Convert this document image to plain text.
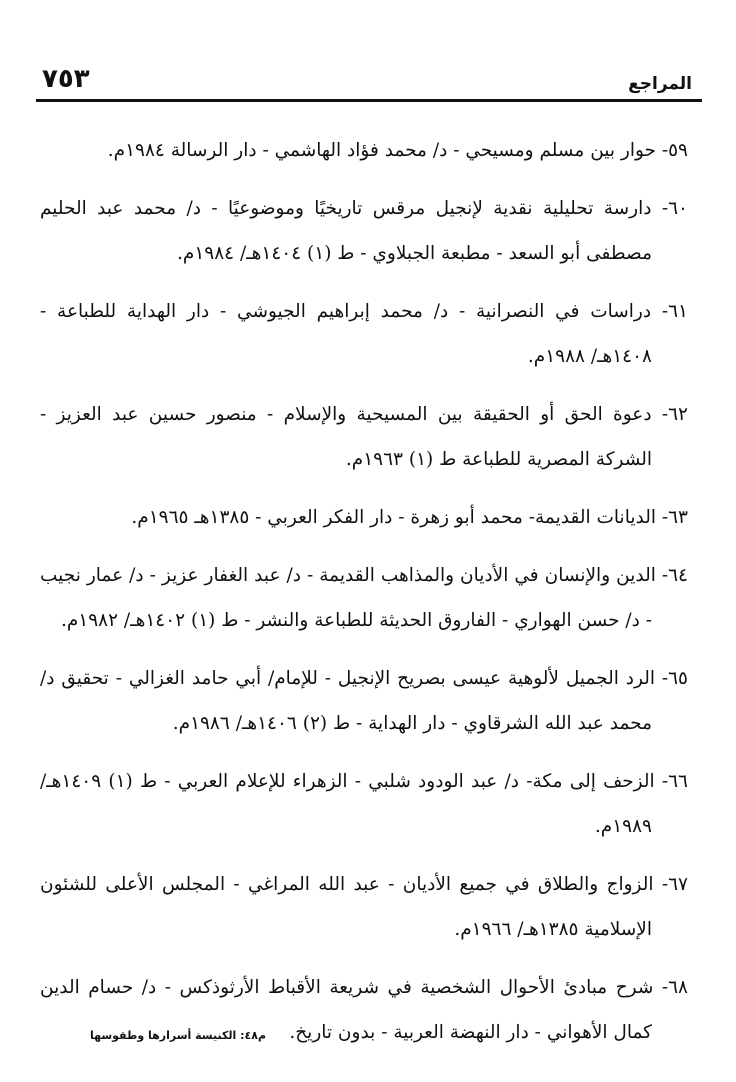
المراجع
٧٥٣

٥٩- حوار بين مسلم ومسيحي - د/ محمد فؤاد الهاشمي - دار الرسالة ١٩٨٤م.

٦٠- دارسة تحليلية نقدية لإنجيل مرقس تاريخيًا وموضوعيًا - د/ محمد عبد الحليم مصطفى أبو السعد - مطبعة الجبلاوي - ط (١) ١٤٠٤هـ/ ١٩٨٤م.

٦١- دراسات في النصرانية - د/ محمد إبراهيم الجيوشي - دار الهداية للطباعة - ١٤٠٨هـ/ ١٩٨٨م.

٦٢- دعوة الحق أو الحقيقة بين المسيحية والإسلام - منصور حسين عبد العزيز - الشركة المصرية للطباعة ط (١) ١٩٦٣م.

٦٣- الديانات القديمة- محمد أبو زهرة - دار الفكر العربي - ١٣٨٥هـ ١٩٦٥م.

٦٤- الدين والإنسان في الأديان والمذاهب القديمة - د/ عبد الغفار عزيز - د/ عمار نجيب - د/ حسن الهواري - الفاروق الحديثة للطباعة والنشر - ط (١) ١٤٠٢هـ/ ١٩٨٢م.

٦٥- الرد الجميل لألوهية عيسى بصريح الإنجيل - للإمام/ أبي حامد الغزالي - تحقيق د/ محمد عبد الله الشرقاوي - دار الهداية - ط (٢) ١٤٠٦هـ/ ١٩٨٦م.

٦٦- الزحف إلى مكة- د/ عبد الودود شلبي - الزهراء للإعلام العربي - ط (١) ١٤٠٩هـ/ ١٩٨٩م.

٦٧- الزواج والطلاق في جميع الأديان - عبد الله المراغي - المجلس الأعلى للشئون الإسلامية ١٣٨٥هـ/ ١٩٦٦م.

٦٨- شرح مبادئ الأحوال الشخصية في شريعة الأقباط الأرثوذكس - د/ حسام الدين كمال الأهواني - دار النهضة العربية - بدون تاريخ.

م٤٨: الكنيسة أسرارها وطقوسها
